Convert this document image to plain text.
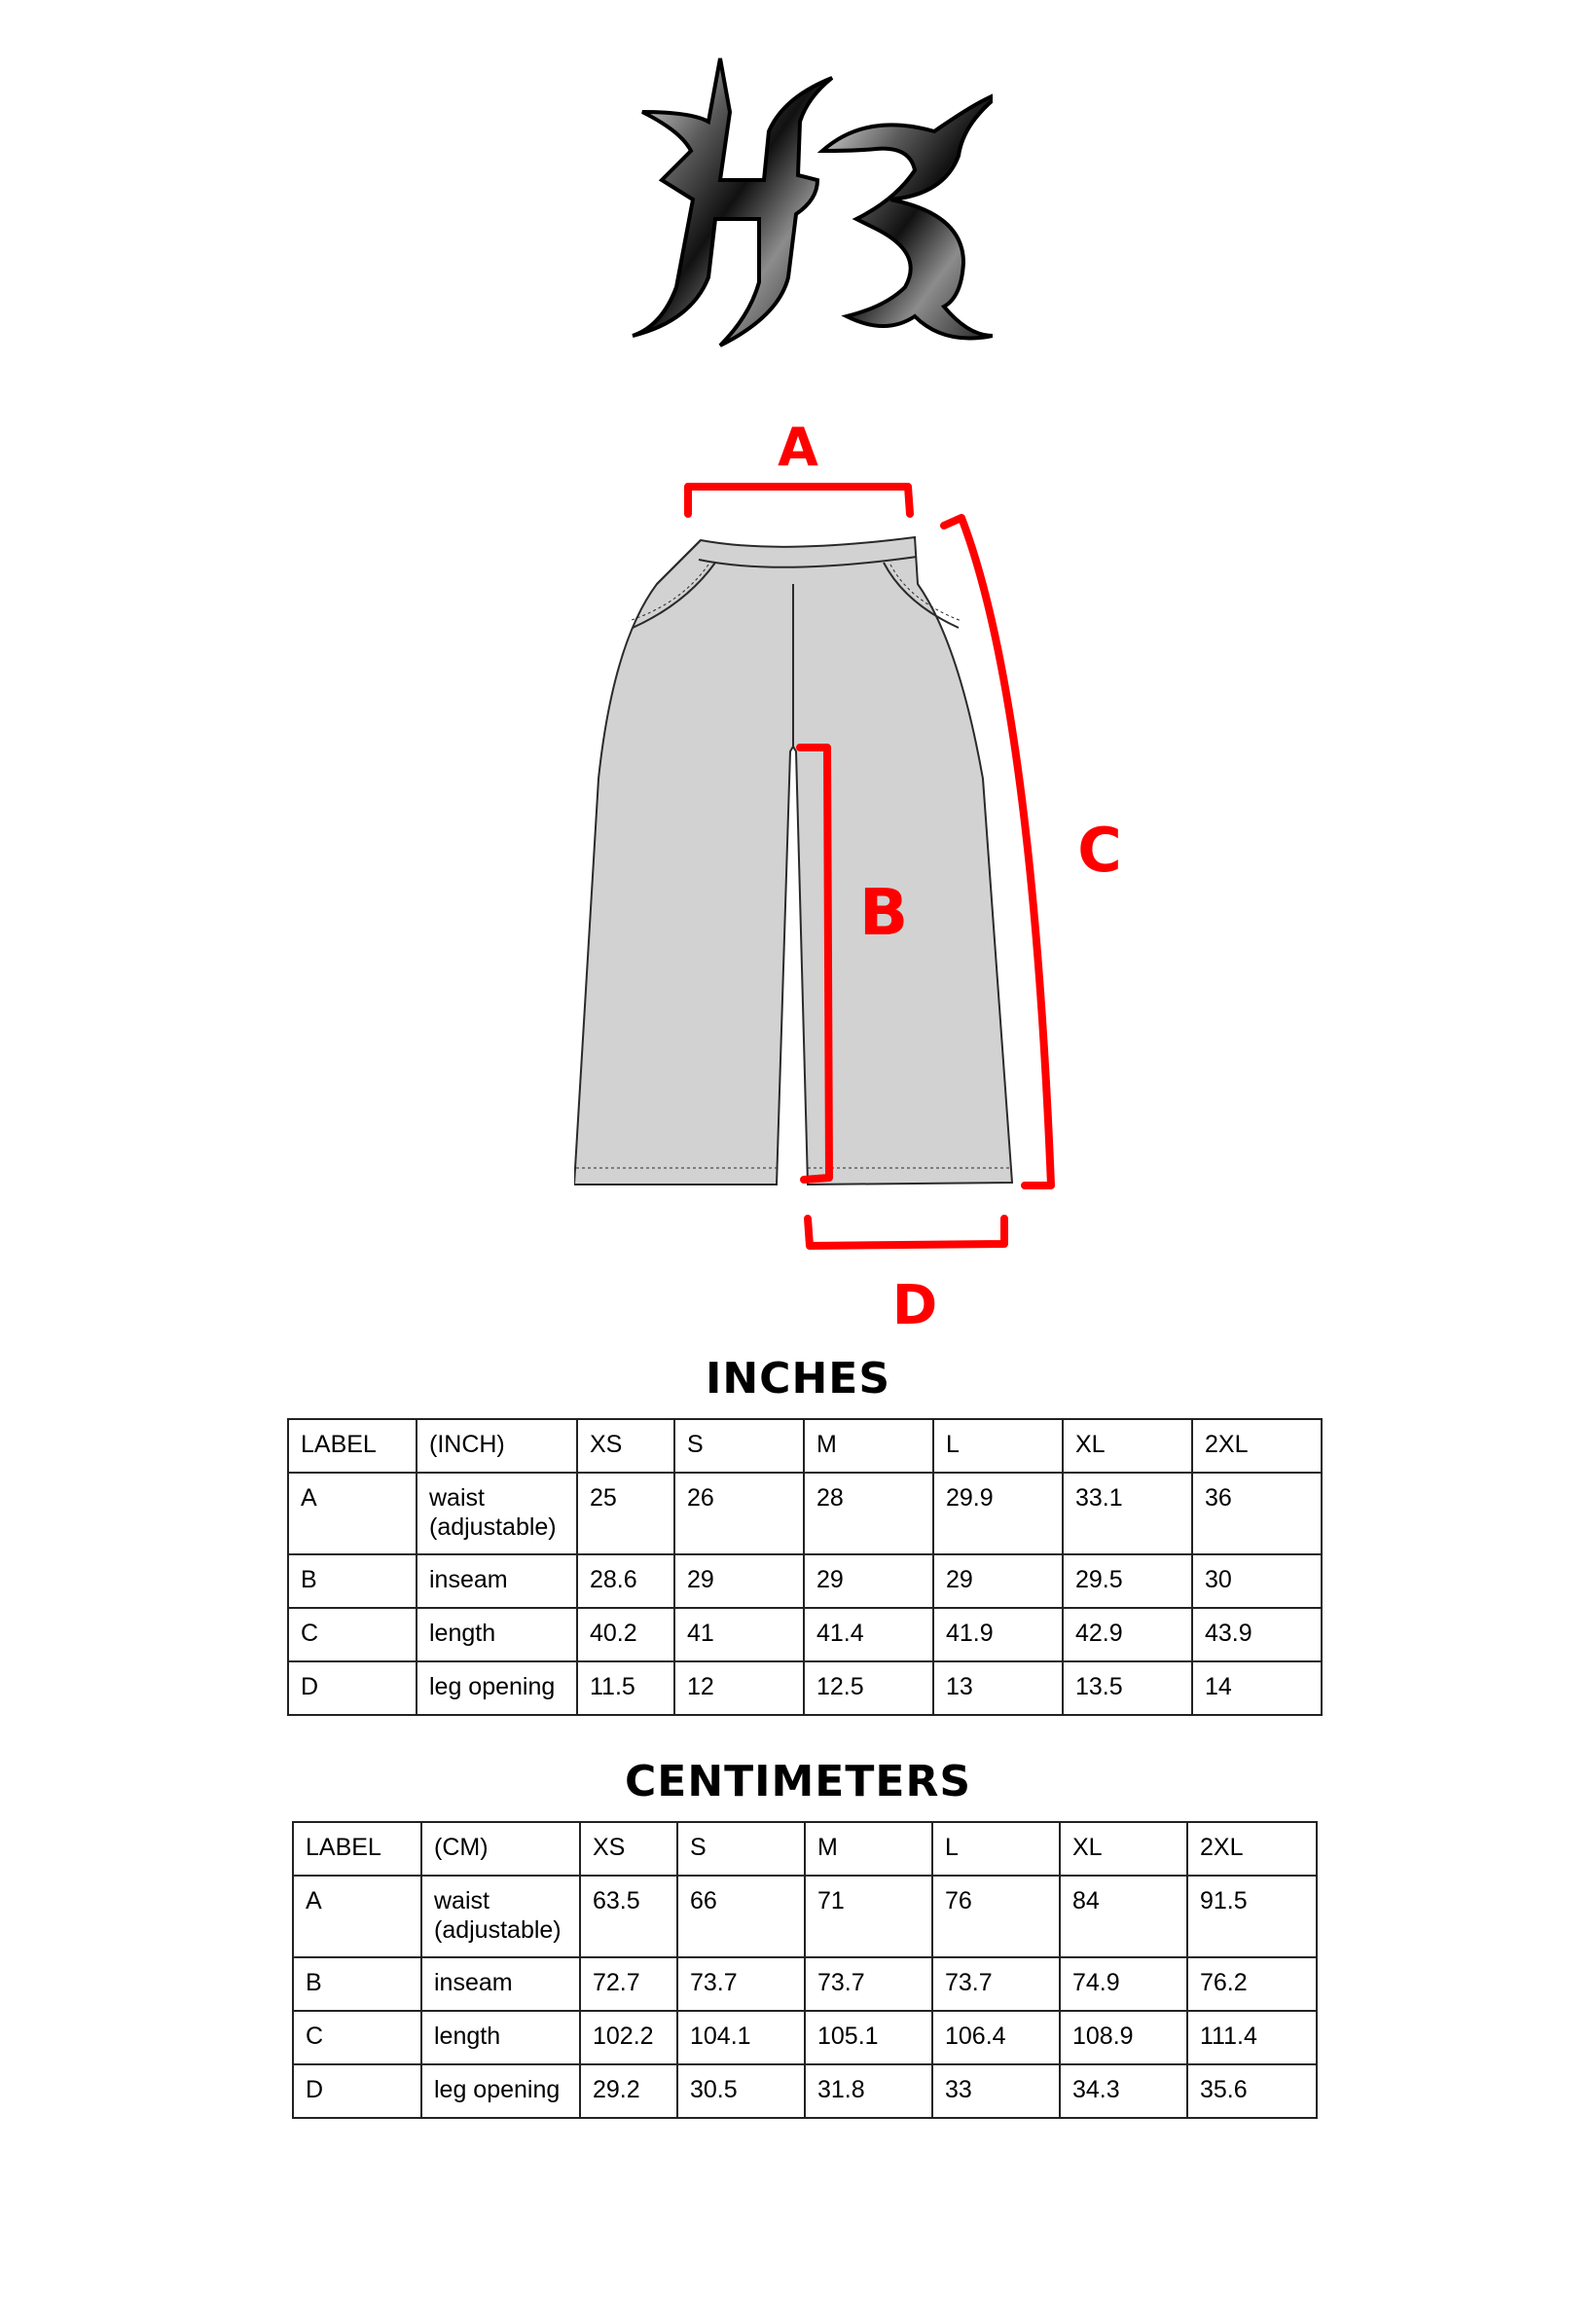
A
B
C
D
INCHES
LABEL	(INCH)	XS	S	M	L	XL	2XL
A	waist (adjustable)	25	26	28	29.9	33.1	36
B	inseam	28.6	29	29	29	29.5	30
C	length	40.2	41	41.4	41.9	42.9	43.9
D	leg opening	11.5	12	12.5	13	13.5	14
CENTIMETERS
LABEL	(CM)	XS	S	M	L	XL	2XL
A	waist (adjustable)	63.5	66	71	76	84	91.5
B	inseam	72.7	73.7	73.7	73.7	74.9	76.2
C	length	102.2	104.1	105.1	106.4	108.9	111.4
D	leg opening	29.2	30.5	31.8	33	34.3	35.6
